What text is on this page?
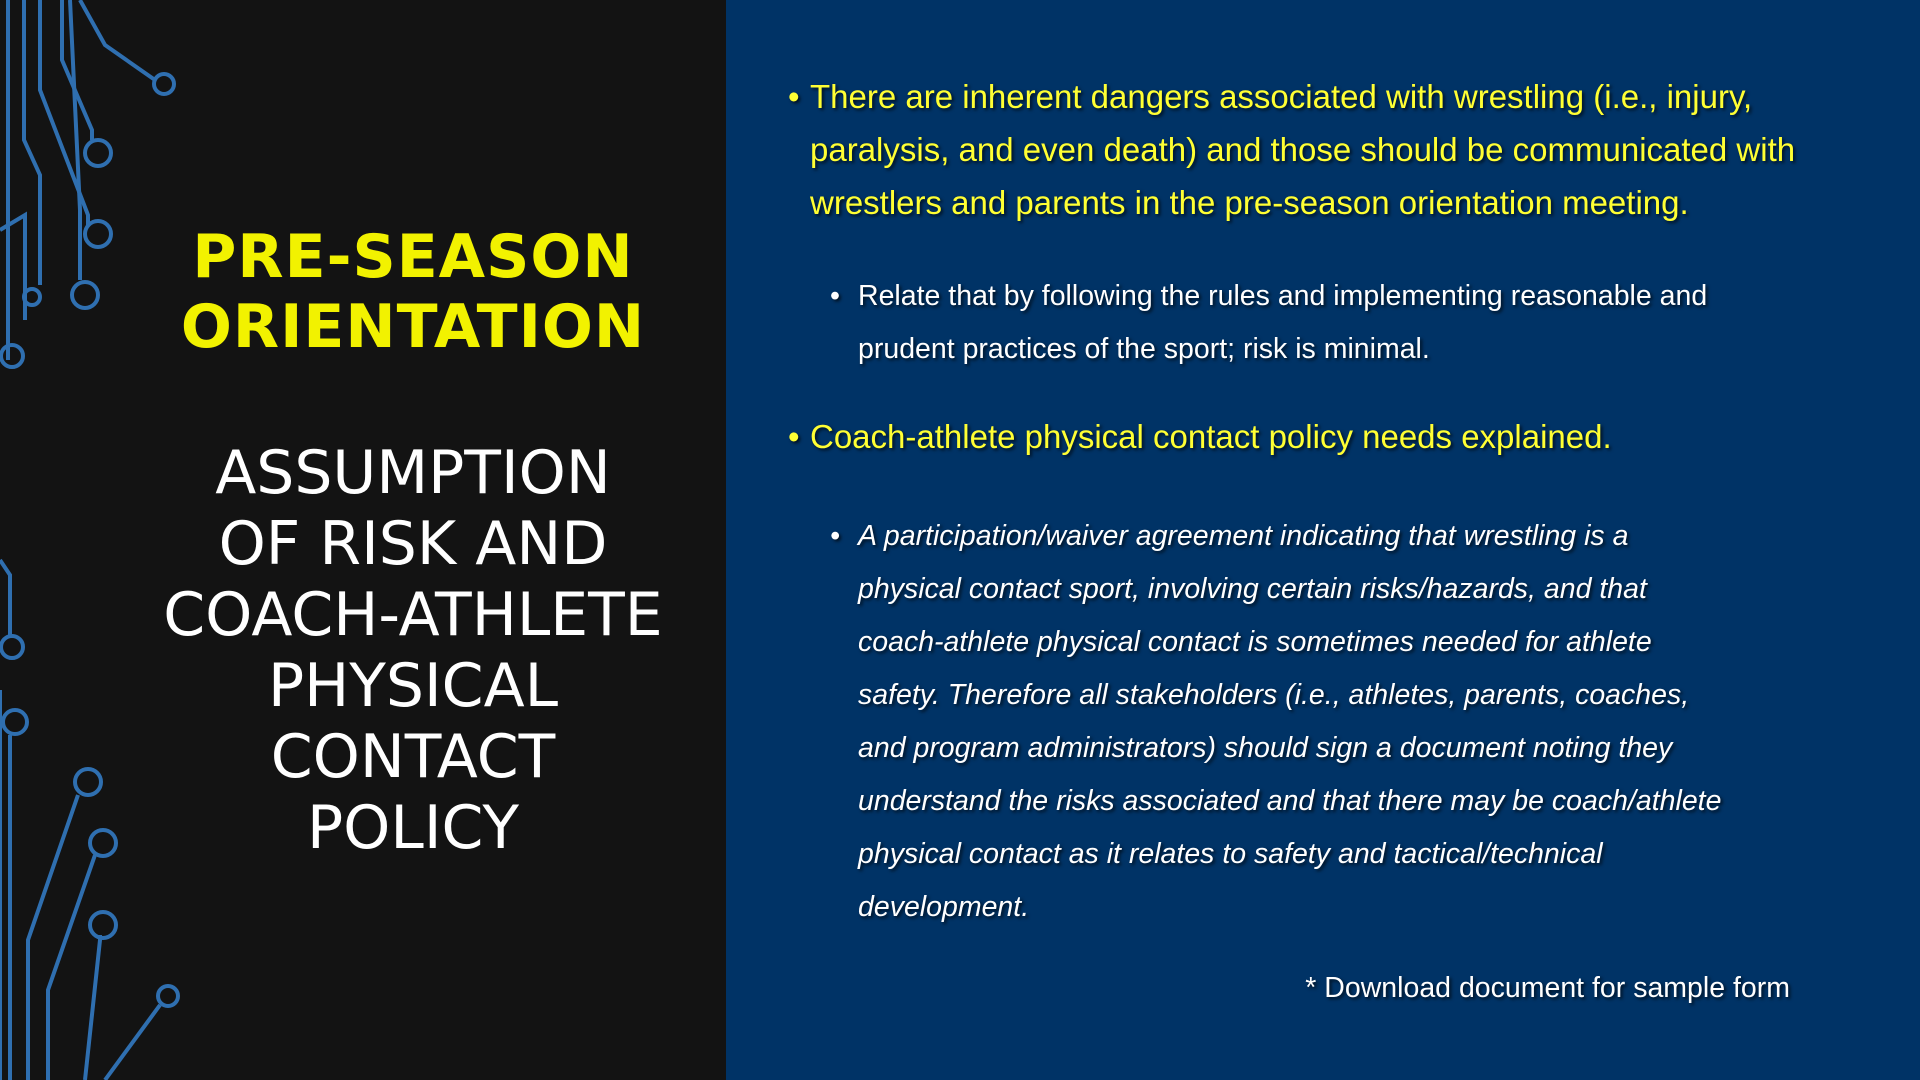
PRE-SEASON
ORIENTATION
ASSUMPTION
OF RISK AND
COACH-ATHLETE
PHYSICAL
CONTACT
POLICY
• There are inherent dangers associated with wrestling (i.e., injury, paralysis, and even death) and those should be communicated with wrestlers and parents in the pre-season orientation meeting.
• Relate that by following the rules and implementing reasonable and prudent practices of the sport; risk is minimal.
• Coach-athlete physical contact policy needs explained.
• A participation/waiver agreement indicating that wrestling is a physical contact sport, involving certain risks/hazards, and that coach-athlete physical contact is sometimes needed for athlete safety. Therefore all stakeholders (i.e., athletes, parents, coaches, and program administrators) should sign a document noting they understand the risks associated and that there may be coach/athlete physical contact as it relates to safety and tactical/technical development.
* Download document for sample form
